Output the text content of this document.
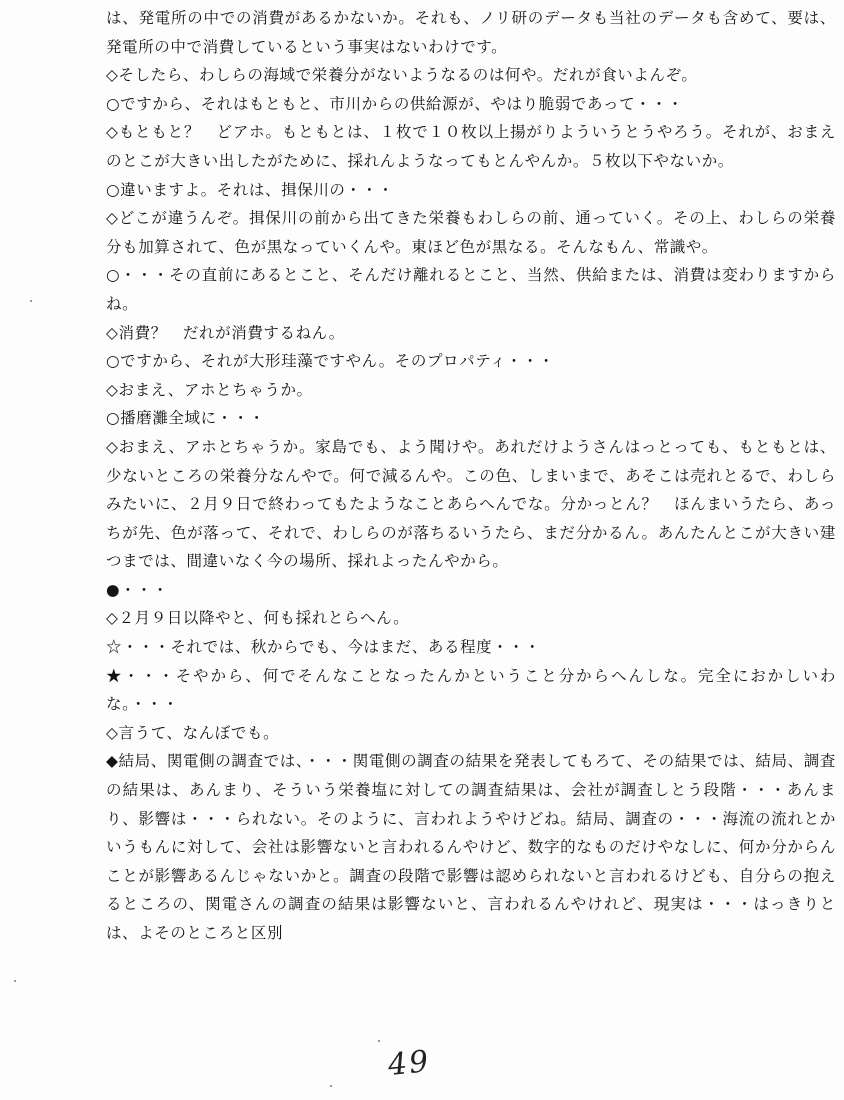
は、発電所の中での消費があるかないか。それも、ノリ研のデータも当社のデータも含めて、要は、発電所の中で消費しているという事実はないわけです。

◇そしたら、わしらの海域で栄養分がないようなるのは何や。だれが食いよんぞ。

○ですから、それはもともと、市川からの供給源が、やはり脆弱であって・・・

◇もともと？　どアホ。もともとは、１枚で１０枚以上揚がりよういうとうやろう。それが、おまえのとこが大きい出したがために、採れんようなってもとんやんか。５枚以下やないか。

○違いますよ。それは、揖保川の・・・

◇どこが違うんぞ。揖保川の前から出てきた栄養もわしらの前、通っていく。その上、わしらの栄養分も加算されて、色が黒なっていくんや。東ほど色が黒なる。そんなもん、常識や。

○・・・その直前にあるとこと、そんだけ離れるとこと、当然、供給または、消費は変わりますからね。

◇消費？　だれが消費するねん。

○ですから、それが大形珪藻ですやん。そのプロパティ・・・

◇おまえ、アホとちゃうか。

○播磨灘全域に・・・

◇おまえ、アホとちゃうか。家島でも、よう聞けや。あれだけようさんはっとっても、もともとは、少ないところの栄養分なんやで。何で減るんや。この色、しまいまで、あそこは売れとるで、わしらみたいに、２月９日で終わってもたようなことあらへんでな。分かっとん？　ほんまいうたら、あっちが先、色が落って、それで、わしらのが落ちるいうたら、まだ分かるん。あんたんとこが大きい建つまでは、間違いなく今の場所、採れよったんやから。

●・・・

◇２月９日以降やと、何も採れとらへん。

☆・・・それでは、秋からでも、今はまだ、ある程度・・・

★・・・そやから、何でそんなことなったんかということ分からへんしな。完全におかしいわな。・・・

◇言うて、なんぼでも。

◆結局、関電側の調査では、・・・関電側の調査の結果を発表してもろて、その結果では、結局、調査の結果は、あんまり、そういう栄養塩に対しての調査結果は、会社が調査しとう段階・・・あんまり、影響は・・・られない。そのように、言われようやけどね。結局、調査の・・・海流の流れとかいうもんに対して、会社は影響ないと言われるんやけど、数字的なものだけやなしに、何か分からんことが影響あるんじゃないかと。調査の段階で影響は認められないと言われるけども、自分らの抱えるところの、関電さんの調査の結果は影響ないと、言われるんやけれど、現実は・・・はっきりとは、よそのところと区別

49
